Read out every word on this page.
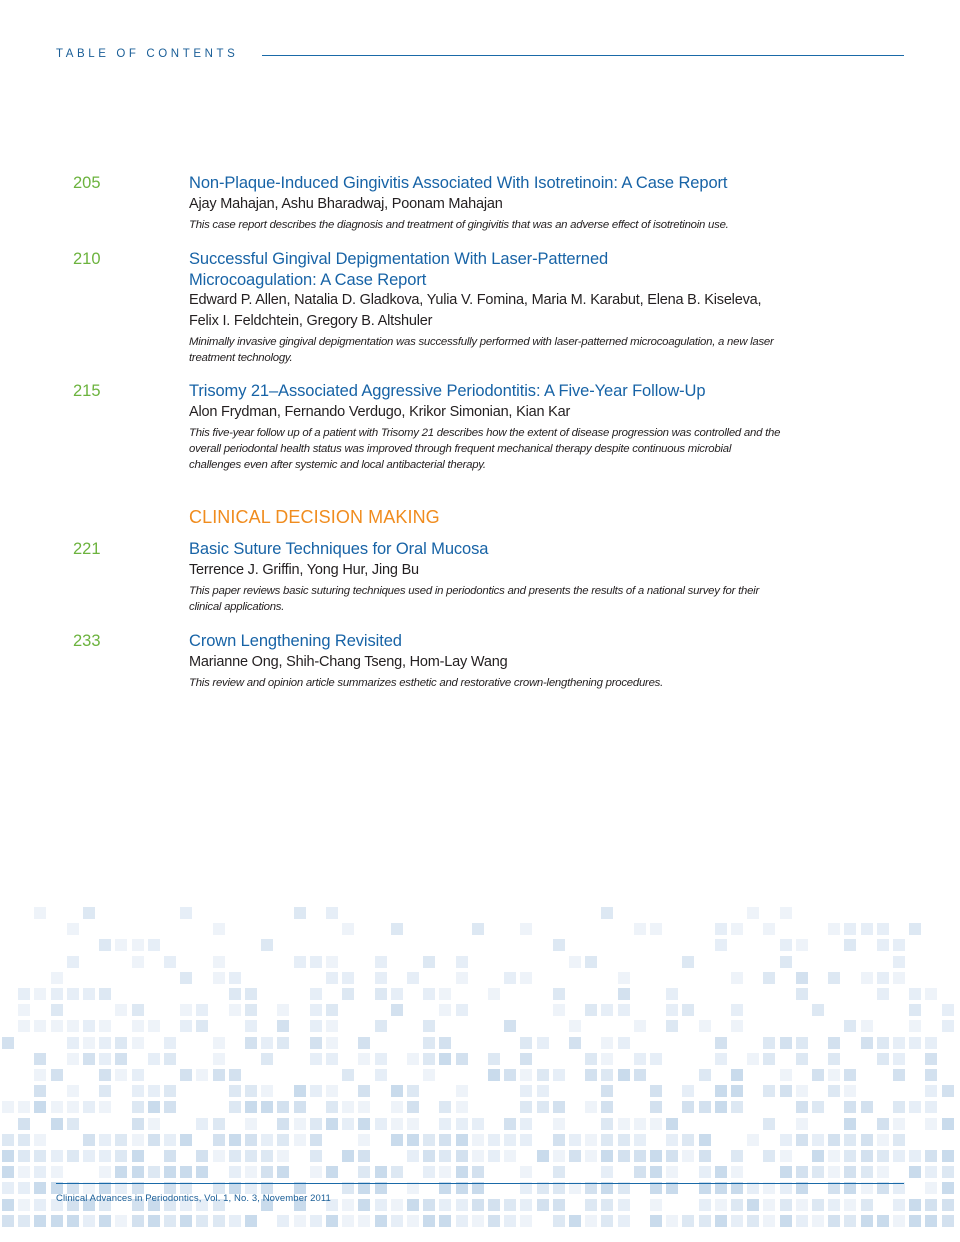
TABLE OF CONTENTS
205	Non-Plaque-Induced Gingivitis Associated With Isotretinoin: A Case Report
Ajay Mahajan, Ashu Bharadwaj, Poonam Mahajan
This case report describes the diagnosis and treatment of gingivitis that was an adverse effect of isotretinoin use.
210	Successful Gingival Depigmentation With Laser-Patterned Microcoagulation: A Case Report
Edward P. Allen, Natalia D. Gladkova, Yulia V. Fomina, Maria M. Karabut, Elena B. Kiseleva, Felix I. Feldchtein, Gregory B. Altshuler
Minimally invasive gingival depigmentation was successfully performed with laser-patterned microcoagulation, a new laser treatment technology.
215	Trisomy 21–Associated Aggressive Periodontitis: A Five-Year Follow-Up
Alon Frydman, Fernando Verdugo, Krikor Simonian, Kian Kar
This five-year follow up of a patient with Trisomy 21 describes how the extent of disease progression was controlled and the overall periodontal health status was improved through frequent mechanical therapy despite continuous microbial challenges even after systemic and local antibacterial therapy.
CLINICAL DECISION MAKING
221	Basic Suture Techniques for Oral Mucosa
Terrence J. Griffin, Yong Hur, Jing Bu
This paper reviews basic suturing techniques used in periodontics and presents the results of a national survey for their clinical applications.
233	Crown Lengthening Revisited
Marianne Ong, Shih-Chang Tseng, Hom-Lay Wang
This review and opinion article summarizes esthetic and restorative crown-lengthening procedures.
Clinical Advances in Periodontics, Vol. 1, No. 3, November 2011
